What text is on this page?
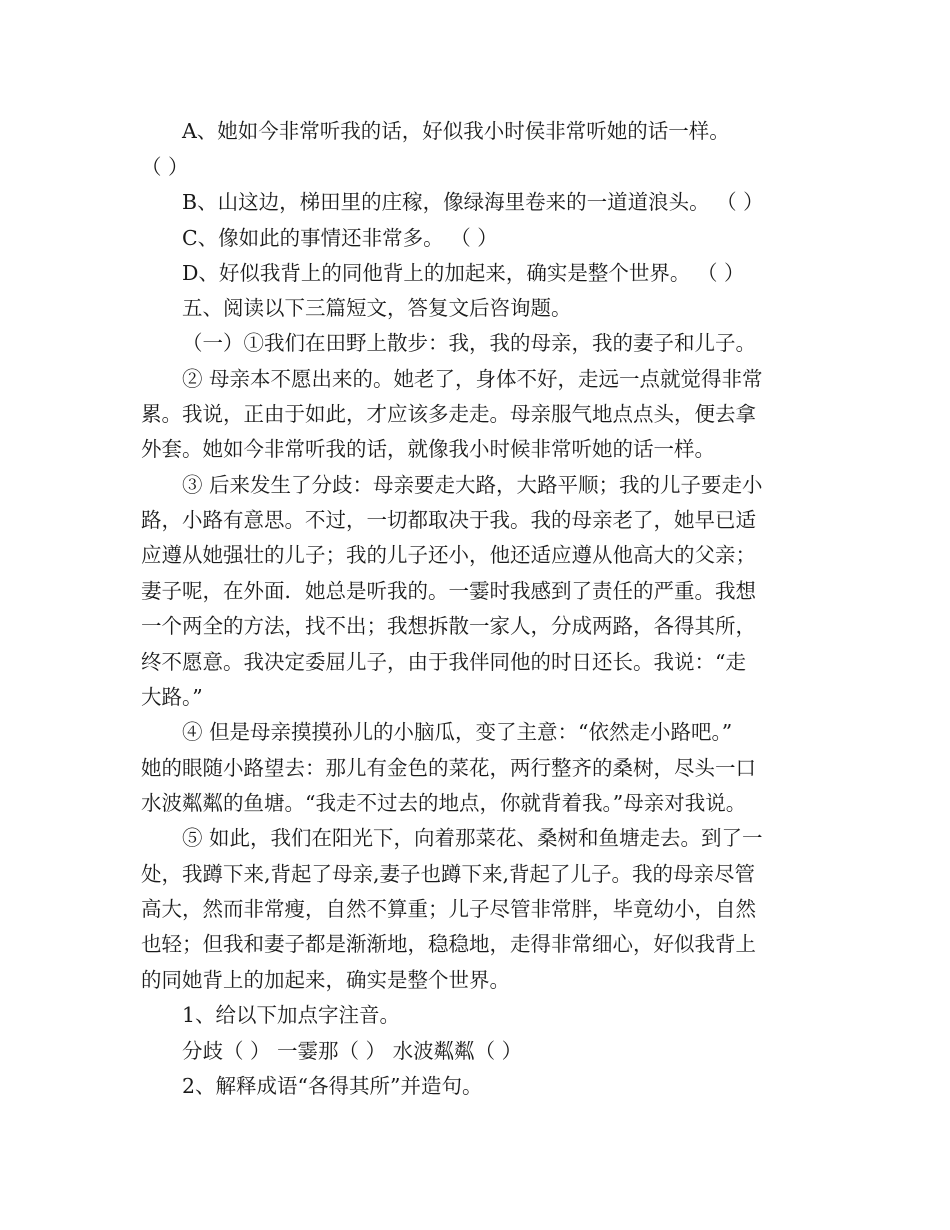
A、她如今非常听我的话，好似我小时侯非常听她的话一样。
（ ）
B、山这边，梯田里的庄稼，像绿海里卷来的一道道浪头。 （ ）
C、像如此的事情还非常多。 （ ）
D、好似我背上的同他背上的加起来，确实是整个世界。 （ ）
五、阅读以下三篇短文，答复文后咨询题。
（一）①我们在田野上散步：我，我的母亲，我的妻子和儿子。
② 母亲本不愿出来的。她老了，身体不好，走远一点就觉得非常
累。我说，正由于如此，才应该多走走。母亲服气地点点头，便去拿
外套。她如今非常听我的话，就像我小时候非常听她的话一样。
③ 后来发生了分歧：母亲要走大路，大路平顺；我的儿子要走小
路，小路有意思。不过，一切都取决于我。我的母亲老了，她早已适
应遵从她强壮的儿子；我的儿子还小，他还适应遵从他高大的父亲；
妻子呢，在外面．她总是听我的。一霎时我感到了责任的严重。我想
一个两全的方法，找不出；我想拆散一家人，分成两路，各得其所，
终不愿意。我决定委屈儿子，由于我伴同他的时日还长。我说：“走
大路。”
④ 但是母亲摸摸孙儿的小脑瓜，变了主意：“依然走小路吧。”
她的眼随小路望去：那儿有金色的菜花，两行整齐的桑树，尽头一口
水波粼粼的鱼塘。“我走不过去的地点，你就背着我。”母亲对我说。
⑤ 如此，我们在阳光下，向着那菜花、桑树和鱼塘走去。到了一
处，我蹲下来,背起了母亲,妻子也蹲下来,背起了儿子。我的母亲尽管
高大，然而非常瘦，自然不算重；儿子尽管非常胖，毕竟幼小，自然
也轻；但我和妻子都是渐渐地，稳稳地，走得非常细心，好似我背上
的同她背上的加起来，确实是整个世界。
1、给以下加点字注音。
分歧（ ） 一霎那（ ） 水波粼粼（ ）
2、解释成语“各得其所”并造句。
